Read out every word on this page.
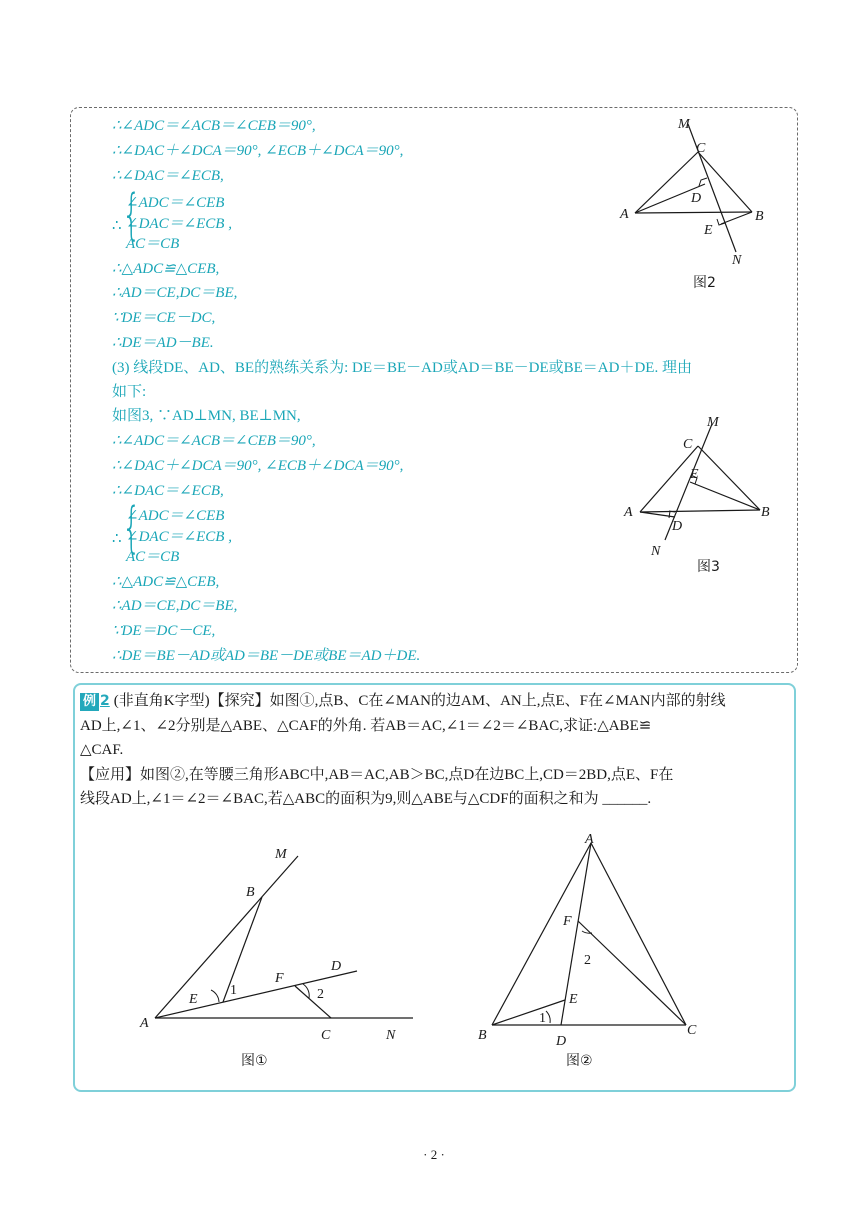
∴∠ADC＝∠ACB＝∠CEB＝90°,
∴∠DAC＋∠DCA＝90°, ∠ECB＋∠DCA＝90°,
∴∠DAC＝∠ECB,
∴ {
∠ADC＝∠CEB
∠DAC＝∠ECB ,
AC＝CB
∴△ADC≌△CEB,
∴AD＝CE,DC＝BE,
∵DE＝CE－DC,
∴DE＝AD－BE.
(3) 线段DE、AD、BE的熟练关系为: DE＝BE－AD或AD＝BE－DE或BE＝AD＋DE. 理由
如下:
如图3, ∵AD⊥MN, BE⊥MN,
∴∠ADC＝∠ACB＝∠CEB＝90°,
∴∠DAC＋∠DCA＝90°, ∠ECB＋∠DCA＝90°,
∴∠DAC＝∠ECB,
∴ {
∠ADC＝∠CEB
∠DAC＝∠ECB ,
AC＝CB
∴△ADC≌△CEB,
∴AD＝CE,DC＝BE,
∵DE＝DC－CE,
∴DE＝BE－AD或AD＝BE－DE或BE＝AD＋DE.
M
C
D
A	B
E
N
图2
M
C
E
A	B
D
N
图3
例 2 (非直角K字型)【探究】如图①,点B、C在∠MAN的边AM、AN上,点E、F在∠MAN内部的射线
AD上,∠1、∠2分别是△ABE、△CAF的外角. 若AB＝AC,∠1＝∠2＝∠BAC,求证:△ABE≌
△CAF.
【应用】如图②,在等腰三角形ABC中,AB＝AC,AB＞BC,点D在边BC上,CD＝2BD,点E、F在
线段AD上,∠1＝∠2＝∠BAC,若△ABC的面积为9,则△ABE与△CDF的面积之和为 ______.
M
B
F
D
E
1	2
A
C	N
图①
A
F
2
E
1
B	D
C
图②
· 2 ·
